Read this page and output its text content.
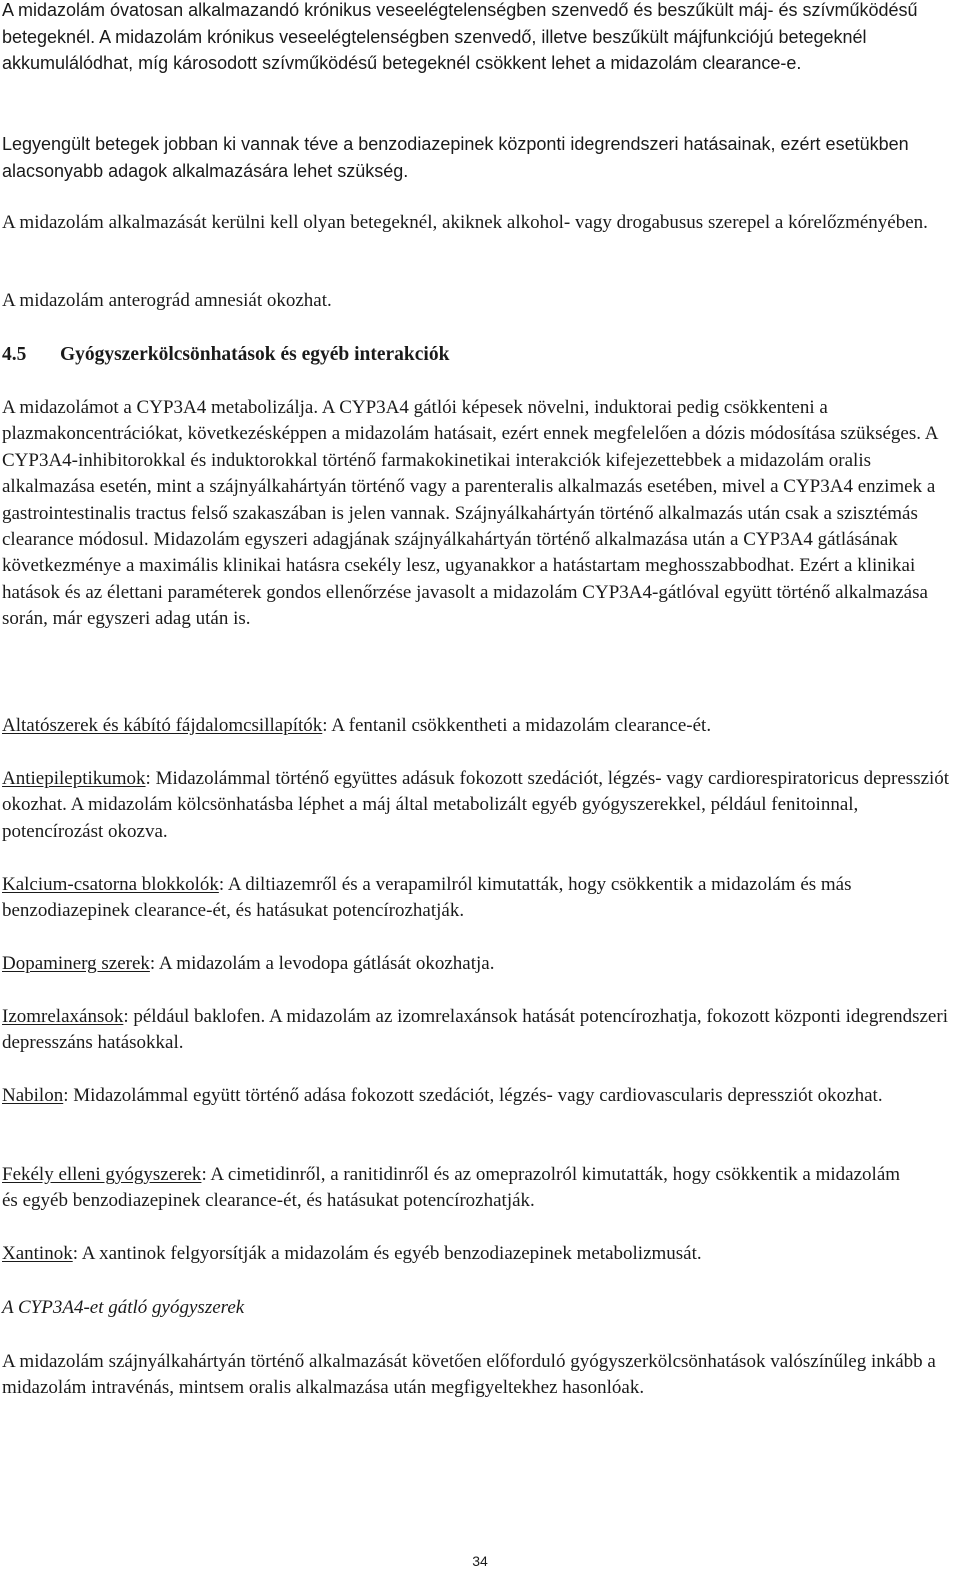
A midazolám óvatosan alkalmazandó krónikus veseelégtelenségben szenvedő és beszűkült máj- és szívműködésű betegeknél. A midazolám krónikus veseelégtelenségben szenvedő, illetve beszűkült májfunkciójú betegeknél akkumulálódhat, míg károsodott szívműködésű betegeknél csökkent lehet a midazolám clearance-e.

Legyengült betegek jobban ki vannak téve a benzodiazepinek központi idegrendszeri hatásainak, ezért esetükben alacsonyabb adagok alkalmazására lehet szükség.

A midazolám alkalmazását kerülni kell olyan betegeknél, akiknek alkohol- vagy drogabusus szerepel a kórelőzményében.

A midazolám anterográd amnesiát okozhat.

4.5 Gyógyszerkölcsönhatások és egyéb interakciók

A midazolámot a CYP3A4 metabolizálja. A CYP3A4 gátlói képesek növelni, induktorai pedig csökkenteni a plazmakoncentrációkat, következésképpen a midazolám hatásait, ezért ennek megfelelően a dózis módosítása szükséges. A CYP3A4-inhibitorokkal és induktorokkal történő farmakokinetikai interakciók kifejezettebbek a midazolám oralis alkalmazása esetén, mint a szájnyálkahártyán történő vagy a parenteralis alkalmazás esetében, mivel a CYP3A4 enzimek a gastrointestinalis tractus felső szakaszában is jelen vannak. Szájnyálkahártyán történő alkalmazás után csak a szisztémás clearance módosul. Midazolám egyszeri adagjának szájnyálkahártyán történő alkalmazása után a CYP3A4 gátlásának következménye a maximális klinikai hatásra csekély lesz, ugyanakkor a hatástartam meghosszabbodhat. Ezért a klinikai hatások és az élettani paraméterek gondos ellenőrzése javasolt a midazolám CYP3A4-gátlóval együtt történő alkalmazása során, már egyszeri adag után is.

Altatószerek és kábító fájdalomcsillapítók: A fentanil csökkentheti a midazolám clearance-ét.

Antiepileptikumok: Midazolámmal történő együttes adásuk fokozott szedációt, légzés- vagy cardiorespiratoricus depressziót okozhat. A midazolám kölcsönhatásba léphet a máj által metabolizált egyéb gyógyszerekkel, például fenitoinnal, potencírozást okozva.

Kalcium-csatorna blokkolók: A diltiazemről és a verapamilról kimutatták, hogy csökkentik a midazolám és más benzodiazepinek clearance-ét, és hatásukat potencírozhatják.

Dopaminerg szerek: A midazolám a levodopa gátlását okozhatja.

Izomrelaxánsok: például baklofen. A midazolám az izomrelaxánsok hatását potencírozhatja, fokozott központi idegrendszeri depresszáns hatásokkal.

Nabilon: Midazolámmal együtt történő adása fokozott szedációt, légzés- vagy cardiovascularis depressziót okozhat.

Fekély elleni gyógyszerek: A cimetidinről, a ranitidinről és az omeprazolról kimutatták, hogy csökkentik a midazolám és egyéb benzodiazepinek clearance-ét, és hatásukat potencírozhatják.

Xantinok: A xantinok felgyorsítják a midazolám és egyéb benzodiazepinek metabolizmusát.

A CYP3A4-et gátló gyógyszerek

A midazolám szájnyálkahártyán történő alkalmazását követően előforduló gyógyszerkölcsönhatások valószínűleg inkább a midazolám intravénás, mintsem oralis alkalmazása után megfigyeltekhez hasonlóak.

34
